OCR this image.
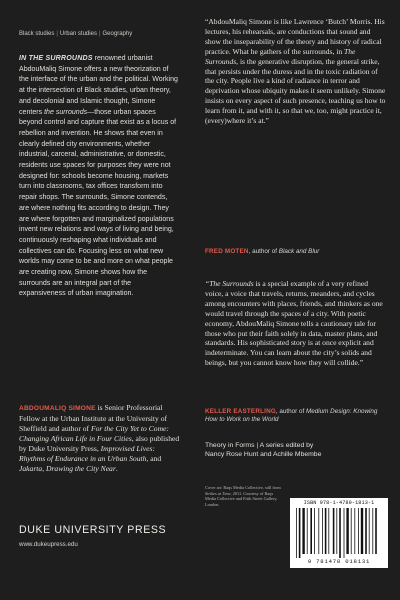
Black studies | Urban studies | Geography

IN THE SURROUNDS renowned urbanist AbdouMaliq Simone offers a new theorization of the interface of the urban and the political. Working at the intersection of Black studies, urban theory, and decolonial and Islamic thought, Simone centers the surrounds—those urban spaces beyond control and capture that exist as a locus of rebellion and invention. He shows that even in clearly defined city environments, whether industrial, carceral, administrative, or domestic, residents use spaces for purposes they were not designed for: schools become housing, markets turn into classrooms, tax offices transform into repair shops. The surrounds, Simone contends, are where nothing fits according to design. They are where forgotten and marginalized populations invent new relations and ways of living and being, continuously reshaping what individuals and collectives can do. Focusing less on what new worlds may come to be and more on what people are creating now, Simone shows how the surrounds are an integral part of the expansiveness of urban imagination.

ABDOUMALIQ SIMONE is Senior Professorial Fellow at the Urban Institute at the University of Sheffield and author of For the City Yet to Come: Changing African Life in Four Cities, also published by Duke University Press, Improvised Lives: Rhythms of Endurance in an Urban South, and Jakarta, Drawing the City Near.

DUKE UNIVERSITY PRESS
www.dukeupress.edu

“AbdouMaliq Simone is like Lawrence ‘Butch’ Morris. His lectures, his rehearsals, are conductions that sound and show the inseparability of the theory and history of radical practice. What he gathers of the surrounds, in The Surrounds, is the generative disruption, the general strike, that persists under the duress and in the toxic radiation of the city. People live a kind of radiance in terror and deprivation whose ubiquity makes it seem unlikely. Simone insists on every aspect of such presence, teaching us how to learn from it, and with it, so that we, too, might practice it, (every)where it’s at.”

FRED MOTEN, author of Black and Blur

“The Surrounds is a special example of a very refined voice, a voice that travels, returns, meanders, and cycles among encounters with places, friends, and thinkers as one would travel through the spaces of a city. With poetic economy, AbdouMaliq Simone tells a cautionary tale for those who put their faith solely in data, master plans, and standards. His sophisticated story is at once explicit and indeterminate. You can learn about the city’s solids and beings, but you cannot know how they will collide.”

KELLER EASTERLING, author of Medium Design: Knowing How to Work on the World

Theory in Forms | A series edited by
Nancy Rose Hunt and Achille Mbembe

Cover art: Raqs Media Collective, still from Strikes at Time, 2011. Courtesy of Raqs Media Collective and Frith Street Gallery, London.	ISBN 978-1-4780-1813-1
9 781478 018131
